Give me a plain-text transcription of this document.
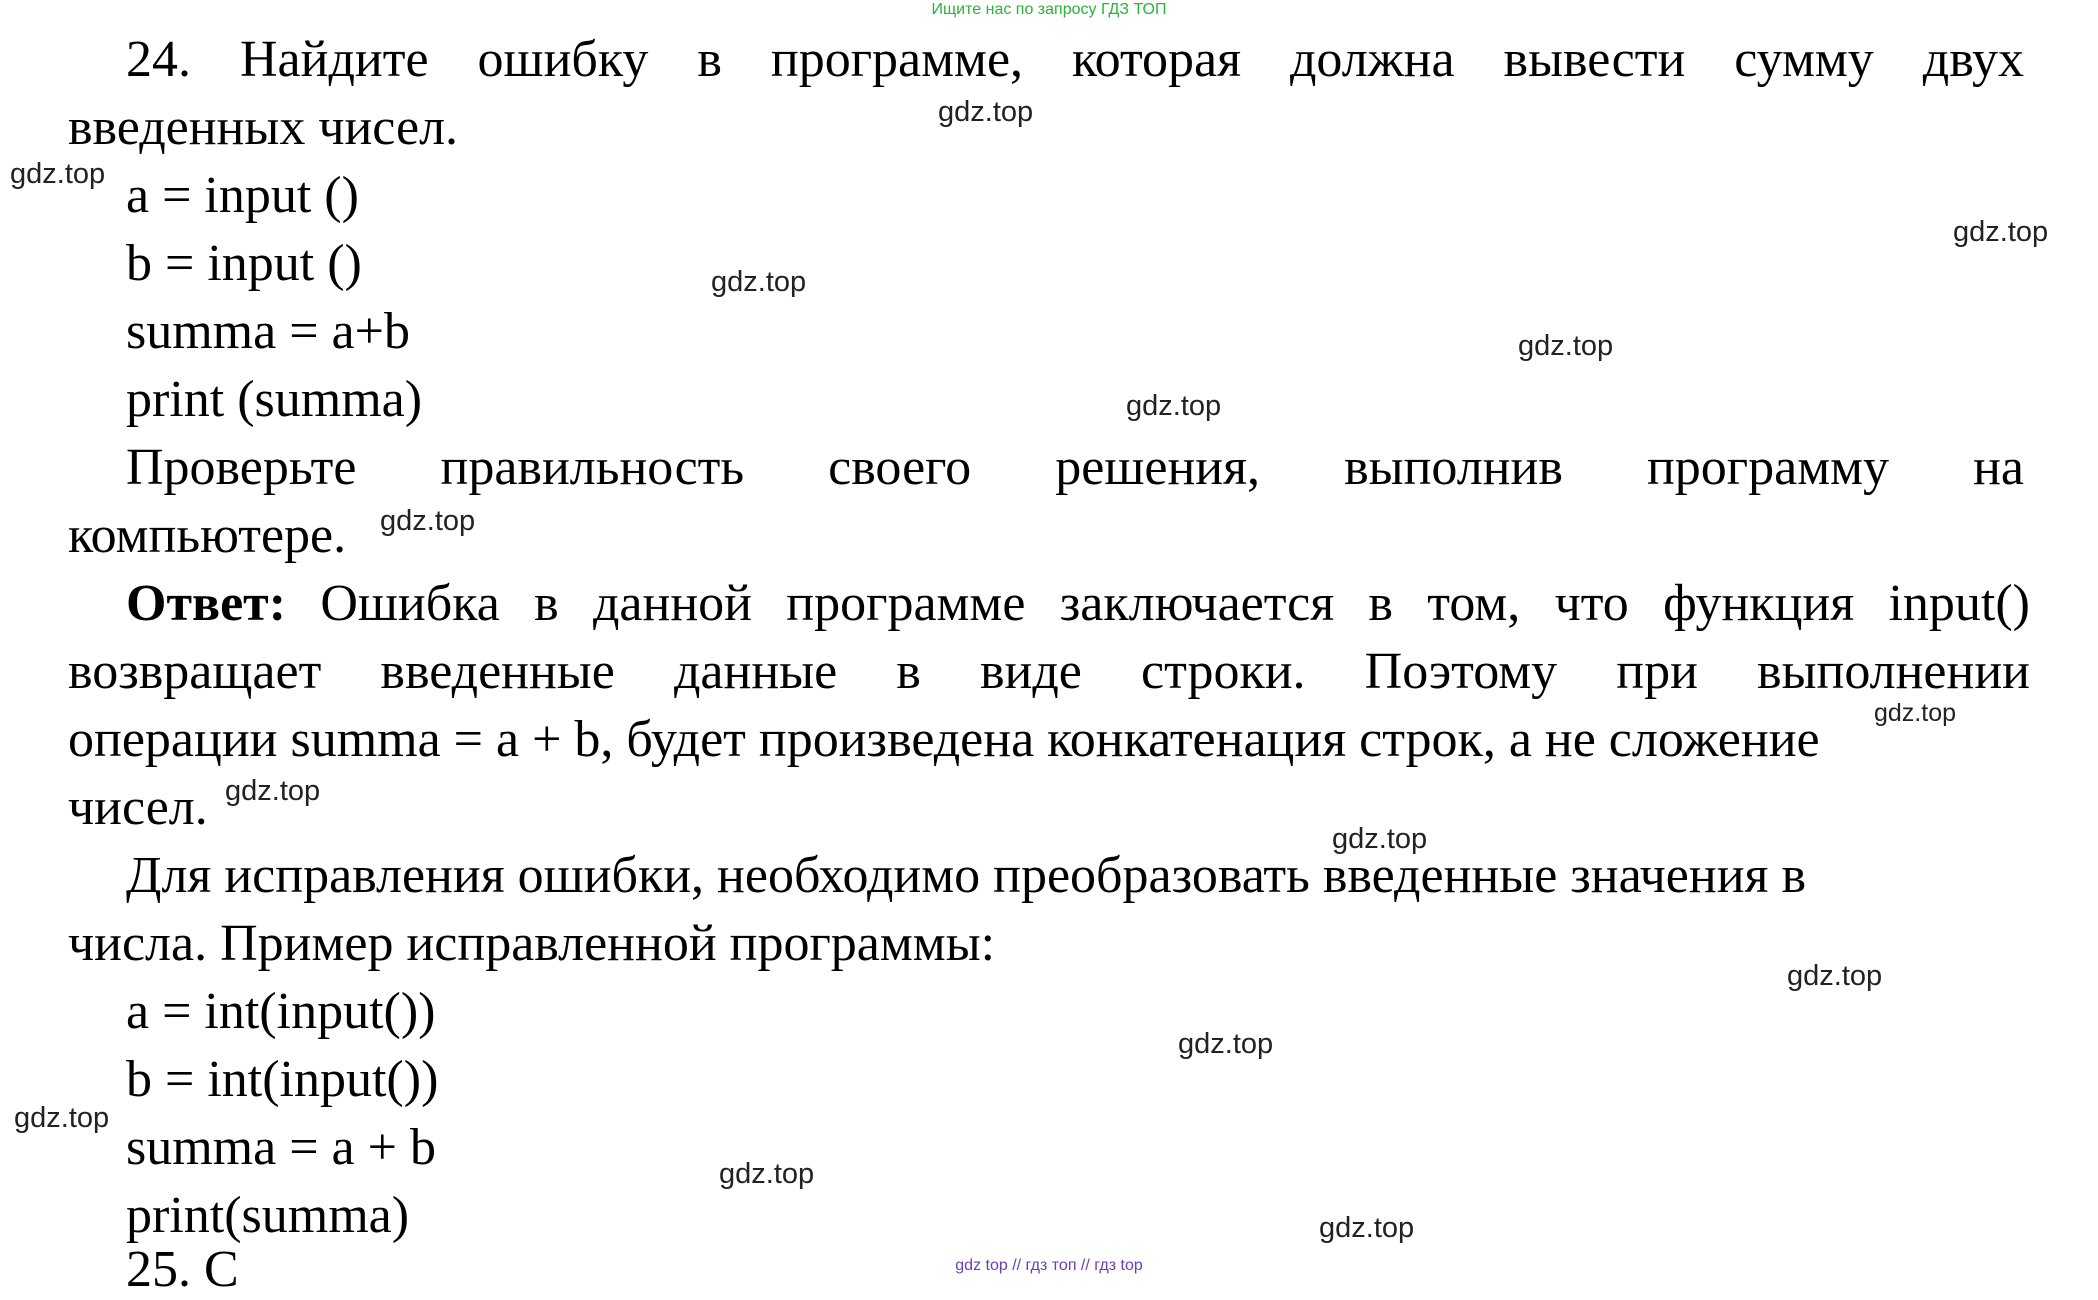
Ищите нас по запросу ГДЗ ТОП
24. Найдите ошибку в программе, которая должна вывести сумму двух
введенных чисел.
a = input ()
b = input ()
summa = a+b
print (summa)
Проверьте правильность своего решения, выполнив программу на
компьютере.
Ответ: Ошибка в данной программе заключается в том, что функция input()
возвращает введенные данные в виде строки. Поэтому при выполнении
операции summa = a + b, будет произведена конкатенация строк, а не сложение
чисел.
Для исправления ошибки, необходимо преобразовать введенные значения в
числа. Пример исправленной программы:
a = int(input())
b = int(input())
summa = a + b
print(summa)
25. С
gdz.top
gdz.top
gdz.top
gdz.top
gdz.top
gdz.top
gdz.top
gdz.top
gdz.top
gdz.top
gdz.top
gdz.top
gdz.top
gdz.top
gdz.top
gdz top // гдз топ // гдз top
